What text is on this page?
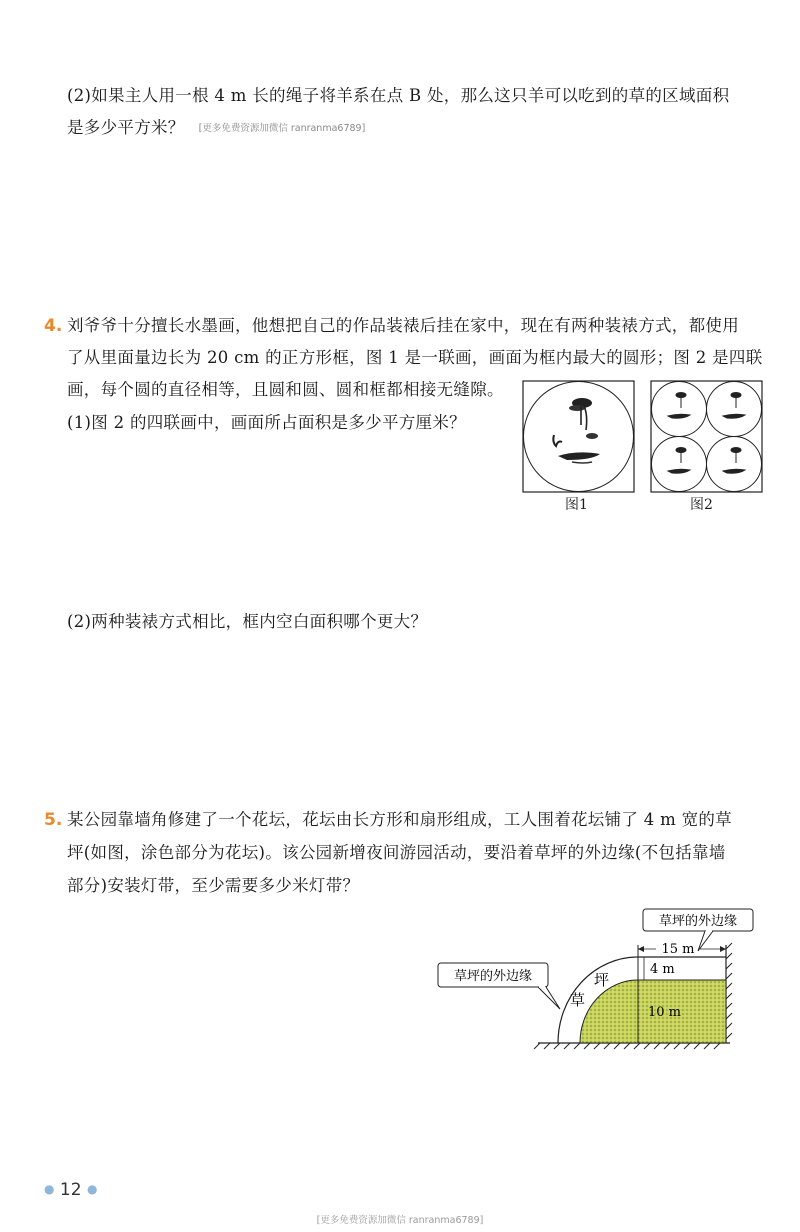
(2)如果主人用一根 4 m 长的绳子将羊系在点 B 处，那么这只羊可以吃到的草的区域面积
是多少平方米？ [更多免费资源加微信 ranranma6789]
4. 刘爷爷十分擅长水墨画，他想把自己的作品装裱后挂在家中，现在有两种装裱方式，都使用
了从里面量边长为 20 cm 的正方形框，图 1 是一联画，画面为框内最大的圆形；图 2 是四联
画，每个圆的直径相等，且圆和圆、圆和框都相接无缝隙。
(1)图 2 的四联画中，画面所占面积是多少平方厘米？
图1	图2
(2)两种装裱方式相比，框内空白面积哪个更大？
5. 某公园靠墙角修建了一个花坛，花坛由长方形和扇形组成，工人围着花坛铺了 4 m 宽的草
坪(如图，涂色部分为花坛)。该公园新增夜间游园活动，要沿着草坪的外边缘(不包括靠墙
部分)安装灯带，至少需要多少米灯带？
15 m
4 m
10 m
草
坪
草坪的外边缘
草坪的外边缘
● 12 ●
[更多免费资源加微信 ranranma6789]
